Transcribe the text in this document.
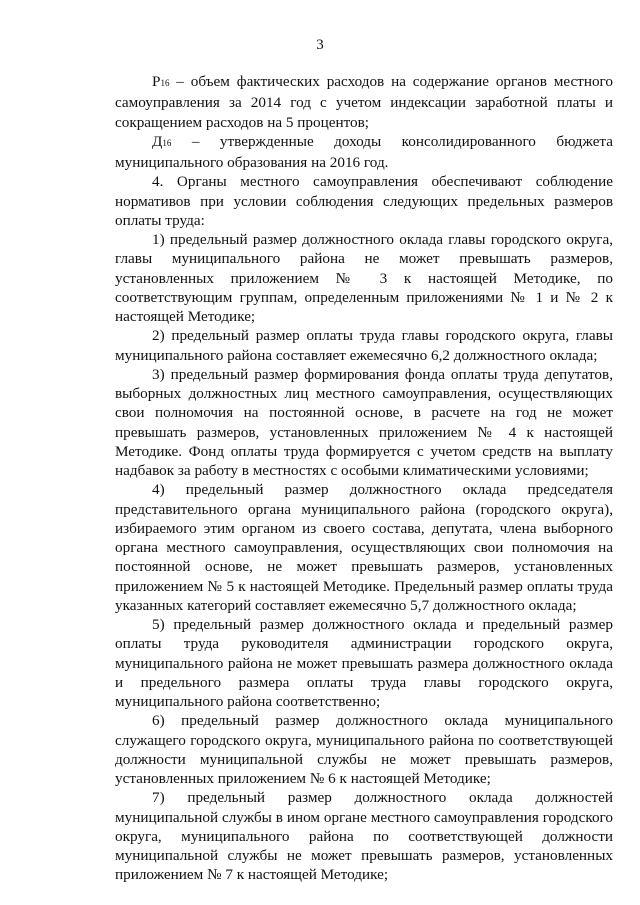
3

P16 – объем фактических расходов на содержание органов местного самоуправления за 2014 год с учетом индексации заработной платы и сокращением расходов на 5 процентов;

Д16 – утвержденные доходы консолидированного бюджета муниципального образования на 2016 год.

4. Органы местного самоуправления обеспечивают соблюдение нормативов при условии соблюдения следующих предельных размеров оплаты труда:

1) предельный размер должностного оклада главы городского округа, главы муниципального района не может превышать размеров, установленных приложением № 3 к настоящей Методике, по соответствующим группам, определенным приложениями № 1 и № 2 к настоящей Методике;

2) предельный размер оплаты труда главы городского округа, главы муниципального района составляет ежемесячно 6,2 должностного оклада;

3) предельный размер формирования фонда оплаты труда депутатов, выборных должностных лиц местного самоуправления, осуществляющих свои полномочия на постоянной основе, в расчете на год не может превышать размеров, установленных приложением № 4 к настоящей Методике. Фонд оплаты труда формируется с учетом средств на выплату надбавок за работу в местностях с особыми климатическими условиями;

4) предельный размер должностного оклада председателя представительного органа муниципального района (городского округа), избираемого этим органом из своего состава, депутата, члена выборного органа местного самоуправления, осуществляющих свои полномочия на постоянной основе, не может превышать размеров, установленных приложением № 5 к настоящей Методике. Предельный размер оплаты труда указанных категорий составляет ежемесячно 5,7 должностного оклада;

5) предельный размер должностного оклада и предельный размер оплаты труда руководителя администрации городского округа, муниципального района не может превышать размера должностного оклада и предельного размера оплаты труда главы городского округа, муниципального района соответственно;

6) предельный размер должностного оклада муниципального служащего городского округа, муниципального района по соответствующей должности муниципальной службы не может превышать размеров, установленных приложением № 6 к настоящей Методике;

7) предельный размер должностного оклада должностей муниципальной службы в ином органе местного самоуправления городского округа, муниципального района по соответствующей должности муниципальной службы не может превышать размеров, установленных приложением № 7 к настоящей Методике;
